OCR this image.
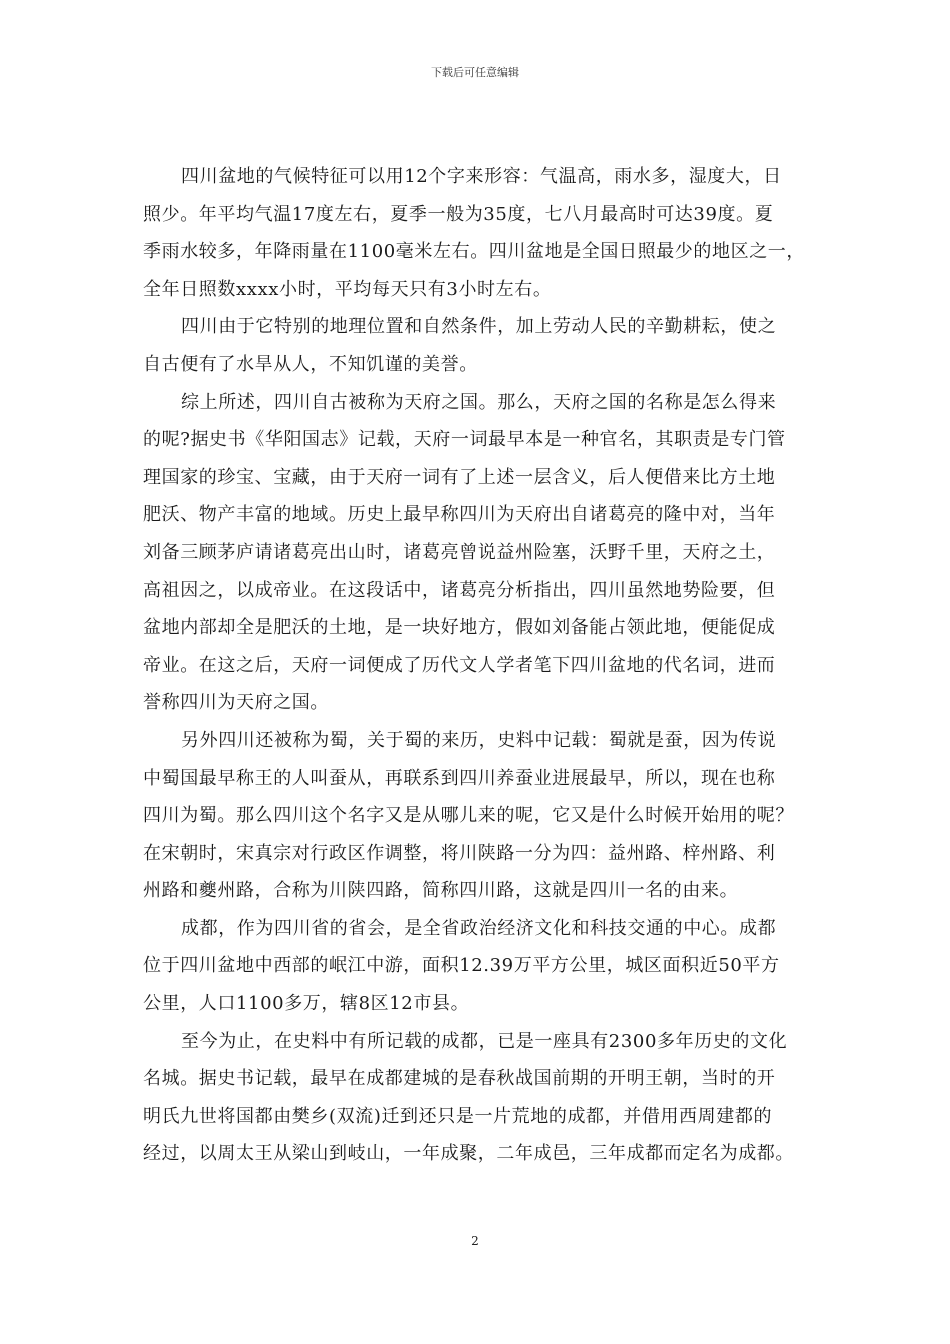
下载后可任意编辑
四川盆地的气候特征可以用12个字来形容：气温高，雨水多，湿度大，日
照少。年平均气温17度左右，夏季一般为35度，七八月最高时可达39度。夏
季雨水较多，年降雨量在1100毫米左右。四川盆地是全国日照最少的地区之一，
全年日照数xxxx小时，平均每天只有3小时左右。
四川由于它特别的地理位置和自然条件，加上劳动人民的辛勤耕耘，使之
自古便有了水旱从人，不知饥谨的美誉。
综上所述，四川自古被称为天府之国。那么，天府之国的名称是怎么得来
的呢?据史书《华阳国志》记载，天府一词最早本是一种官名，其职责是专门管
理国家的珍宝、宝藏，由于天府一词有了上述一层含义，后人便借来比方土地
肥沃、物产丰富的地域。历史上最早称四川为天府出自诸葛亮的隆中对，当年
刘备三顾茅庐请诸葛亮出山时，诸葛亮曾说益州险塞，沃野千里，天府之土，
高祖因之，以成帝业。在这段话中，诸葛亮分析指出，四川虽然地势险要，但
盆地内部却全是肥沃的土地，是一块好地方，假如刘备能占领此地，便能促成
帝业。在这之后，天府一词便成了历代文人学者笔下四川盆地的代名词，进而
誉称四川为天府之国。
另外四川还被称为蜀，关于蜀的来历，史料中记载：蜀就是蚕，因为传说
中蜀国最早称王的人叫蚕从，再联系到四川养蚕业进展最早，所以，现在也称
四川为蜀。那么四川这个名字又是从哪儿来的呢，它又是什么时候开始用的呢？
在宋朝时，宋真宗对行政区作调整，将川陕路一分为四：益州路、梓州路、利
州路和夔州路，合称为川陕四路，简称四川路，这就是四川一名的由来。
成都，作为四川省的省会，是全省政治经济文化和科技交通的中心。成都
位于四川盆地中西部的岷江中游，面积12.39万平方公里，城区面积近50平方
公里，人口1100多万，辖8区12市县。
至今为止，在史料中有所记载的成都，已是一座具有2300多年历史的文化
名城。据史书记载，最早在成都建城的是春秋战国前期的开明王朝，当时的开
明氏九世将国都由樊乡(双流)迁到还只是一片荒地的成都，并借用西周建都的
经过，以周太王从梁山到岐山，一年成聚，二年成邑，三年成都而定名为成都。
2
